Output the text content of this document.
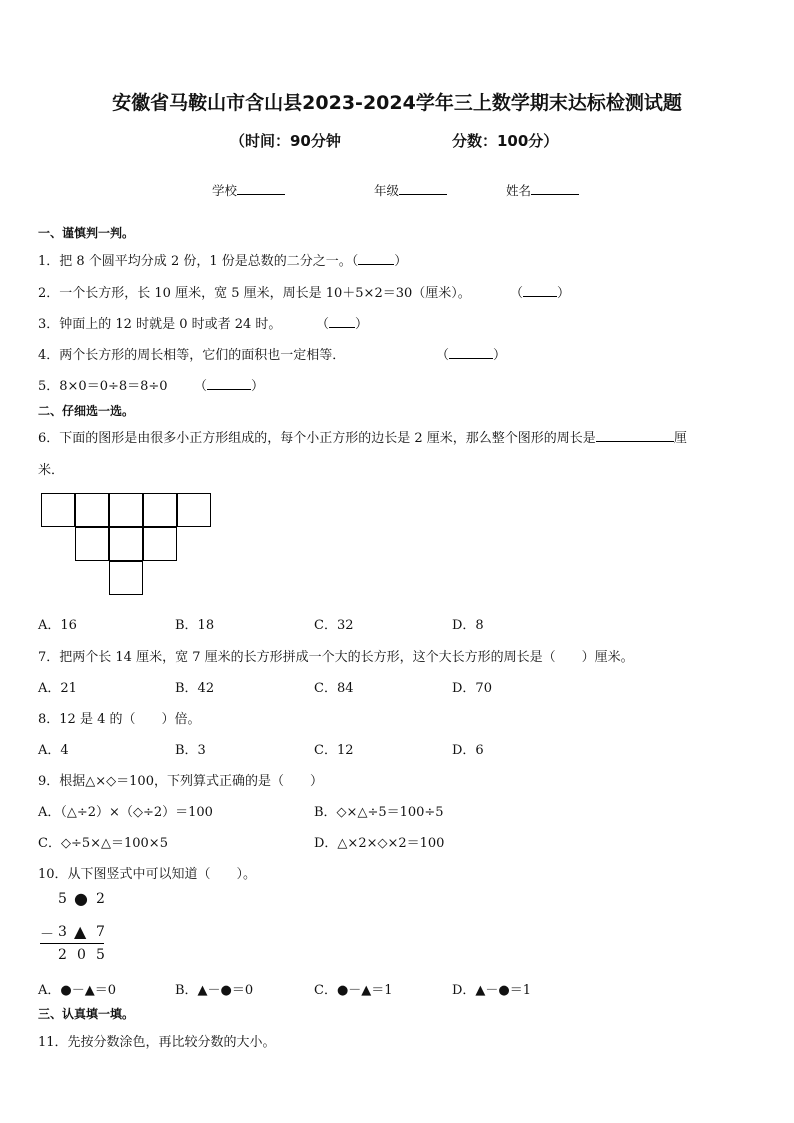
安徽省马鞍山市含山县2023-2024学年三上数学期末达标检测试题
（时间：90分钟	分数：100分）
学校	年级	姓名
一、谨慎判一判。
1．把 8 个圆平均分成 2 份，1 份是总数的二分之一。（	）
2．一个长方形，长 10 厘米，宽 5 厘米，周长是 10＋5×2＝30（厘米）。	（	）
3．钟面上的 12 时就是 0 时或者 24 时。	（ ）
4．两个长方形的周长相等，它们的面积也一定相等．	（	）
5．8×0＝0÷8＝8÷0 （	）
二、仔细选一选。
6．下面的图形是由很多小正方形组成的，每个小正方形的边长是 2 厘米，那么整个图形的周长是	厘
米．
A．16	B．18	C．32	D．8
7．把两个长 14 厘米，宽 7 厘米的长方形拼成一个大的长方形，这个大长方形的周长是（　　）厘米。
A．21	B．42	C．84	D．70
8．12 是 4 的（　　）倍。
A．4	B．3	C．12	D．6
9．根据△×◇＝100，下列算式正确的是（　　）
A．（△÷2）×（◇÷2）＝100	B．◇×△÷5＝100÷5
C．◇÷5×△＝100×5	D．△×2×◇×2＝100
10．从下图竖式中可以知道（　　）。
5 ● 2
－ 3 ▲ 7
2 0 5
A．●－▲＝0	B．▲－●＝0	C．●－▲＝1	D．▲－●＝1
三、认真填一填。
11．先按分数涂色，再比较分数的大小。
